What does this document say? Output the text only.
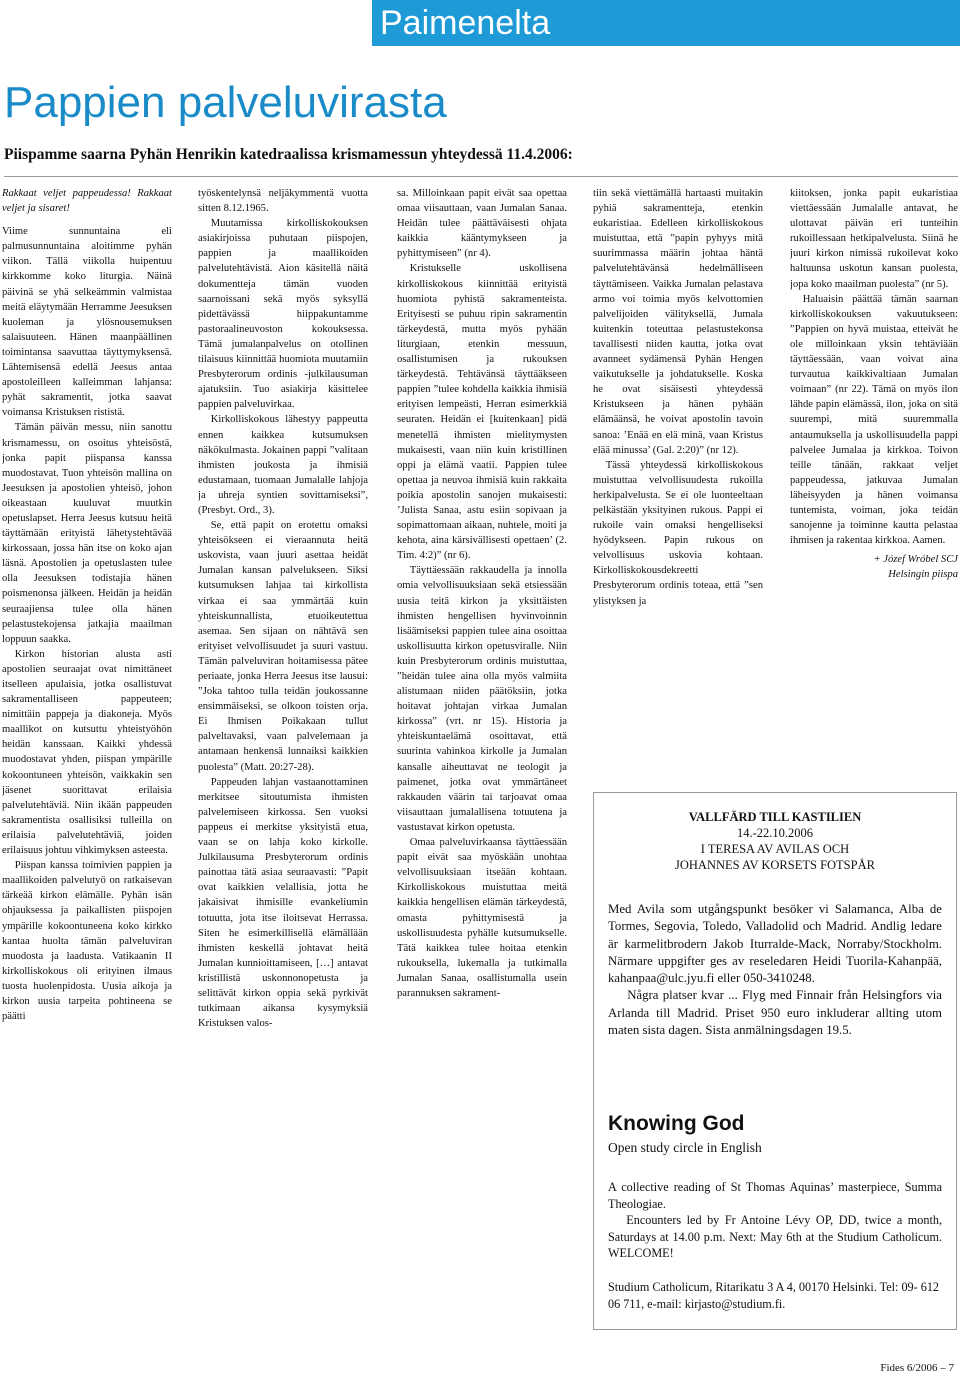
Paimenelta
Pappien palveluvirasta

Piispamme saarna Pyhän Henrikin katedraalissa krismamessun yhteydessä 11.4.2006:

Rakkaat veljet pappeudessa! Rakkaat veljet ja sisaret!

Viime sunnuntaina eli palmusunnuntaina aloitimme pyhän viikon. Tällä viikolla huipentuu kirkkomme koko liturgia. Näinä päivinä se yhä selkeämmin valmistaa meitä eläytymään Herramme Jeesuksen kuoleman ja ylösnousemuksen salaisuuteen. Hänen maanpäällinen toimintansa saavuttaa täyttymyksensä. Lähtemisensä edellä Jeesus antaa apostoleilleen kalleimman lahjansa: pyhät sakramentit, jotka saavat voimansa Kristuksen rististä.

Tämän päivän messu, niin sanottu krismamessu, on osoitus yhteisöstä, jonka papit piispansa kanssa muodostavat. Tuon yhteisön mallina on Jeesuksen ja apostolien yhteisö, johon oikeastaan kuuluvat muutkin opetuslapset. Herra Jeesus kutsuu heitä täyttämään erityistä lähetystehtävää kirkossaan, jossa hän itse on koko ajan läsnä. Apostolien ja opetuslasten tulee olla Jeesuksen todistajia hänen poismenonsa jälkeen. Heidän ja heidän seuraajiensa tulee olla hänen pelastustekojensa jatkajia maailman loppuun saakka.

Kirkon historian alusta asti apostolien seuraajat ovat nimittäneet itselleen apulaisia, jotka osallistuvat sakramentalliseen pappeuteen; nimittäin pappeja ja diakoneja. Myös maallikot on kutsuttu yhteistyöhön heidän kanssaan. Kaikki yhdessä muodostavat yhden, piispan ympärille kokoontuneen yhteisön, vaikkakin sen jäsenet suorittavat erilaisia palvelutehtäviä. Niin ikään pappeuden sakramentista osallisiksi tulleilla on erilaisia palvelutehtäviä, joiden erilaisuus johtuu vihkimyksen asteesta.

Piispan kanssa toimivien pappien ja maallikoiden palvelutyö on ratkaisevan tärkeää kirkon elämälle. Pyhän isän ohjauksessa ja paikallisten piispojen ympärille kokoontuneena koko kirkko kantaa huolta tämän palveluviran muodosta ja laadusta. Vatikaanin II kirkolliskokous oli erityinen ilmaus tuosta huolenpidosta. Uusia aikoja ja kirkon uusia tarpeita pohtineena se päätti

työskentelynsä neljäkymmentä vuotta sitten 8.12.1965.

Muutamissa kirkolliskokouksen asiakirjoissa puhutaan piispojen, pappien ja maallikoiden palvelutehtävistä. Aion käsitellä näitä dokumentteja tämän vuoden saarnoissani sekä myös syksyllä pidettävässä hiippakuntamme pastoraalineuvoston kokouksessa. Tämä jumalanpalvelus on otollinen tilaisuus kiinnittää huomiota muutamiin Presbyterorum ordinis -julkilausuman ajatuksiin. Tuo asiakirja käsittelee pappien palveluvirkaa.

Kirkolliskokous lähestyy pappeutta ennen kaikkea kutsumuksen näkökulmasta. Jokainen pappi ”valitaan ihmisten joukosta ja ihmisiä edustamaan, tuomaan Jumalalle lahjoja ja uhreja syntien sovittamiseksi”, (Presbyt. Ord., 3).

Se, että papit on erotettu omaksi yhteisökseen ei vieraannuta heitä uskovista, vaan juuri asettaa heidät Jumalan kansan palvelukseen. Siksi kutsumuksen lahjaa tai kirkollista virkaa ei saa ymmärtää kuin yhteiskunnallista, etuoikeutettua asemaa. Sen sijaan on nähtävä sen erityiset velvollisuudet ja suuri vastuu. Tämän palveluviran hoitamisessa pätee periaate, jonka Herra Jeesus itse lausui: ”Joka tahtoo tulla teidän joukossanne ensimmäiseksi, se olkoon toisten orja. Ei Ihmisen Poikakaan tullut palveltavaksi, vaan palvelemaan ja antamaan henkensä lunnaiksi kaikkien puolesta” (Matt. 20:27-28).

Pappeuden lahjan vastaanottaminen merkitsee sitoutumista ihmisten palvelemiseen kirkossa. Sen vuoksi pappeus ei merkitse yksityistä etua, vaan se on lahja koko kirkolle. Julkilausuma Presbyterorum ordinis painottaa tätä asiaa seuraavasti: ”Papit ovat kaikkien velallisia, jotta he jakaisivat ihmisille evankeliumin totuutta, jota itse iloitsevat Herrassa. Siten he esimerkillisellä elämällään ihmisten keskellä johtavat heitä Jumalan kunnioittamiseen, […] antavat kristillistä uskonnonopetusta ja selittävät kirkon oppia sekä pyrkivät tutkimaan aikansa kysymyksiä Kristuksen valos-

sa. Milloinkaan papit eivät saa opettaa omaa viisauttaan, vaan Jumalan Sanaa. Heidän tulee päättäväisesti ohjata kaikkia kääntymykseen ja pyhittymiseen” (nr 4).

Kristukselle uskollisena kirkolliskokous kiinnittää erityistä huomiota pyhistä sakramenteista. Erityisesti se puhuu ripin sakramentin tärkeydestä, mutta myös pyhään liturgiaan, etenkin messuun, osallistumisen ja rukouksen tärkeydestä. Tehtävänsä täyttääkseen pappien ”tulee kohdella kaikkia ihmisiä erityisen lempeästi, Herran esimerkkiä seuraten. Heidän ei [kuitenkaan] pidä menetellä ihmisten mielitymysten mukaisesti, vaan niin kuin kristillinen oppi ja elämä vaatii. Pappien tulee opettaa ja neuvoa ihmisiä kuin rakkaita poikia apostolin sanojen mukaisesti: ’Julista Sanaa, astu esiin sopivaan ja sopimattomaan aikaan, nuhtele, moiti ja kehota, aina kärsivällisesti opettaen’ (2. Tim. 4:2)” (nr 6).

Täyttäessään rakkaudella ja innolla omia velvollisuuksiaan sekä etsiessään uusia teitä kirkon ja yksittäisten ihmisten hengellisen hyvinvoinnin lisäämiseksi pappien tulee aina osoittaa uskollisuutta kirkon opetusviralle. Niin kuin Presbyterorum ordinis muistuttaa, ”heidän tulee aina olla myös valmiita alistumaan niiden päätöksiin, jotka hoitavat johtajan virkaa Jumalan kirkossa” (vrt. nr 15). Historia ja yhteiskuntaelämä osoittavat, että suurinta vahinkoa kirkolle ja Jumalan kansalle aiheuttavat ne teologit ja paimenet, jotka ovat ymmärtäneet rakkauden väärin tai tarjoavat omaa viisauttaan jumalallisena totuutena ja vastustavat kirkon opetusta.

Omaa palveluvirkaansa täyttäessään papit eivät saa myöskään unohtaa velvollisuuksiaan itseään kohtaan. Kirkolliskokous muistuttaa meitä kaikkia hengellisen elämän tärkeydestä, omasta pyhittymisestä ja uskollisuudesta pyhälle kutsumukselle. Tätä kaikkea tulee hoitaa etenkin rukouksella, lukemalla ja tutkimalla Jumalan Sanaa, osallistumalla usein parannuksen sakrament-

tiin sekä viettämällä hartaasti muitakin pyhiä sakramentteja, etenkin eukaristiaa. Edelleen kirkolliskokous muistuttaa, että ”papin pyhyys mitä suurimmassa määrin johtaa häntä palvelutehtävänsä hedelmälliseen täyttämiseen. Vaikka Jumalan pelastava armo voi toimia myös kelvottomien palvelijoiden välityksellä, Jumala kuitenkin toteuttaa pelastustekonsa tavallisesti niiden kautta, jotka ovat avanneet sydämensä Pyhän Hengen vaikutukselle ja johdatukselle. Koska he ovat sisäisesti yhteydessä Kristukseen ja hänen pyhään elämäänsä, he voivat apostolin tavoin sanoa: ’Enää en elä minä, vaan Kristus elää minussa’ (Gal. 2:20)” (nr 12).

Tässä yhteydessä kirkolliskokous muistuttaa velvollisuudesta rukoilla herkipalvelusta. Se ei ole luonteeltaan pelkästään yksityinen rukous. Pappi ei rukoile vain omaksi hengelliseksi hyödykseen. Papin rukous on velvollisuus uskovia kohtaan. Kirkolliskokousdekreetti Presbyterorum ordinis toteaa, että ”sen ylistyksen ja

kiitoksen, jonka papit eukaristiaa viettäessään Jumalalle antavat, he ulottavat päivän eri tunteihin rukoillessaan hetkipalvelusta. Siinä he juuri kirkon nimissä rukoilevat koko haltuunsa uskotun kansan puolesta, jopa koko maailman puolesta” (nr 5).

Haluaisin päättää tämän saarnan kirkolliskokouksen vakuutukseen: ”Pappien on hyvä muistaa, etteivät he ole milloinkaan yksin tehtäviään täyttäessään, vaan voivat aina turvautua kaikkivaltiaan Jumalan voimaan” (nr 22). Tämä on myös ilon lähde papin elämässä, ilon, joka on sitä suurempi, mitä suuremmalla antaumuksella ja uskollisuudella pappi palvelee Jumalaa ja kirkkoa. Toivon teille tänään, rakkaat veljet pappeudessa, jatkuvaa Jumalan läheisyyden ja hänen voimansa tuntemista, voiman, joka teidän sanojenne ja toiminne kautta pelastaa ihmisen ja rakentaa kirkkoa. Aamen.

+ Józef Wróbel SCJ
Helsingin piispa
VALLFÄRD TILL KASTILIEN
14.-22.10.2006
I TERESA AV AVILAS OCH
JOHANNES AV KORSETS FOTSPÅR

Med Avila som utgångspunkt besöker vi Salamanca, Alba de Tormes, Segovia, Toledo, Valladolid och Madrid. Andlig ledare är karmelitbrodern Jakob Iturralde-Mack, Norraby/Stockholm. Närmare uppgifter ges av reseledaren Heidi Tuorila-Kahanpää, kahanpaa@ulc.jyu.fi eller 050-3410248.

Några platser kvar ... Flyg med Finnair från Helsingfors via Arlanda till Madrid. Priset 950 euro inkluderar allting utom maten sista dagen. Sista anmälningsdagen 19.5.

Knowing God
Open study circle in English

A collective reading of St Thomas Aquinas’ masterpiece, Summa Theologiae.

Encounters led by Fr Antoine Lévy OP, DD, twice a month, Saturdays at 14.00 p.m. Next: May 6th at the Studium Catholicum. WELCOME!

Studium Catholicum, Ritarikatu 3 A 4, 00170 Helsinki. Tel: 09- 612 06 711, e-mail: kirjasto@studium.fi.
Fides 6/2006 – 7
